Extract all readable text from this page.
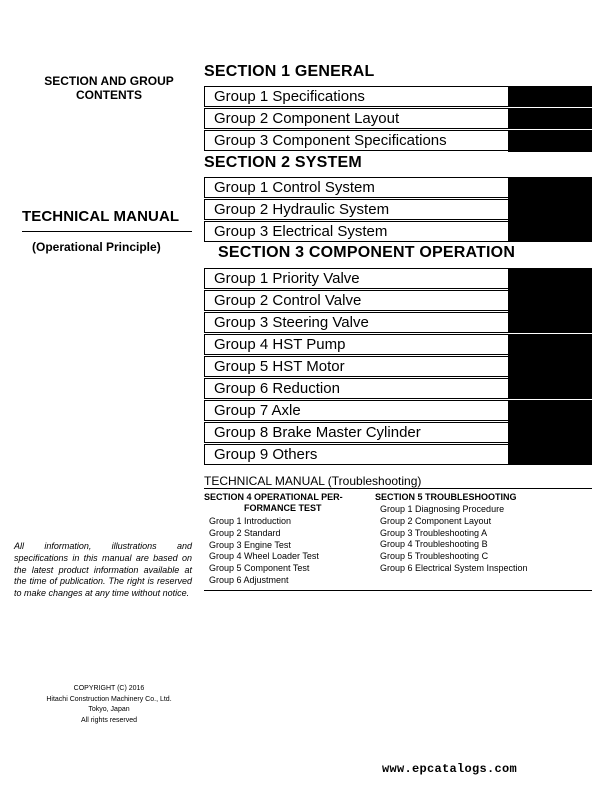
SECTION AND GROUP CONTENTS
TECHNICAL MANUAL
(Operational Principle)
All information, illustrations and specifications in this manual are based on the latest product information available at the time of publication. The right is reserved to make changes at any time without notice.
COPYRIGHT (C) 2016
Hitachi Construction Machinery Co., Ltd.
Tokyo, Japan
All rights reserved
SECTION 1 GENERAL
Group 1 Specifications
Group 2 Component Layout
Group 3 Component Specifications
SECTION 2 SYSTEM
Group 1 Control System
Group 2 Hydraulic System
Group 3 Electrical System
SECTION 3 COMPONENT OPERATION
Group 1 Priority Valve
Group 2 Control Valve
Group 3 Steering Valve
Group 4 HST Pump
Group 5 HST Motor
Group 6 Reduction
Group 7 Axle
Group 8 Brake Master Cylinder
Group 9 Others
TECHNICAL MANUAL (Troubleshooting)
SECTION 4 OPERATIONAL PER-
FORMANCE TEST
Group 1 Introduction
Group 2 Standard
Group 3 Engine Test
Group 4 Wheel Loader Test
Group 5 Component Test
Group 6 Adjustment
SECTION 5 TROUBLESHOOTING
Group 1 Diagnosing Procedure
Group 2 Component Layout
Group 3 Troubleshooting A
Group 4 Troubleshooting B
Group 5 Troubleshooting C
Group 6 Electrical System Inspection
www.epcatalogs.com
